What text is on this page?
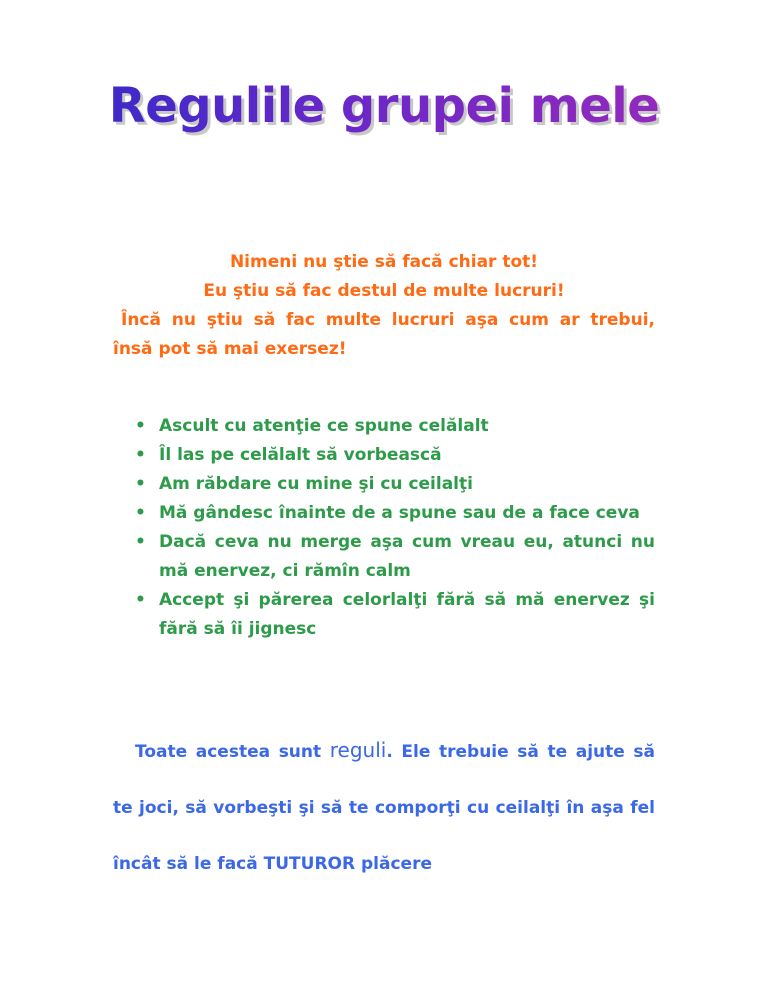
Regulile grupei mele
Nimeni nu ştie să facă chiar tot!
Eu ştiu să fac destul de multe lucruri!
Încă nu ştiu să fac multe lucruri aşa cum ar trebui,
însă pot să mai exersez!
• Ascult cu atenţie ce spune celălalt
• Îl las pe celălalt să vorbească
• Am răbdare cu mine şi cu ceilalţi
• Mă gândesc înainte de a spune sau de a face ceva
• Dacă ceva nu merge aşa cum vreau eu, atunci nu mă enervez, ci rămîn calm
• Accept şi părerea celorlalţi fără să mă enervez şi fără să îi jignesc
Toate acestea sunt reguli. Ele trebuie să te ajute să te joci, să vorbeşti şi să te comporţi cu ceilalţi în aşa fel încât să le facă TUTUROR plăcere
